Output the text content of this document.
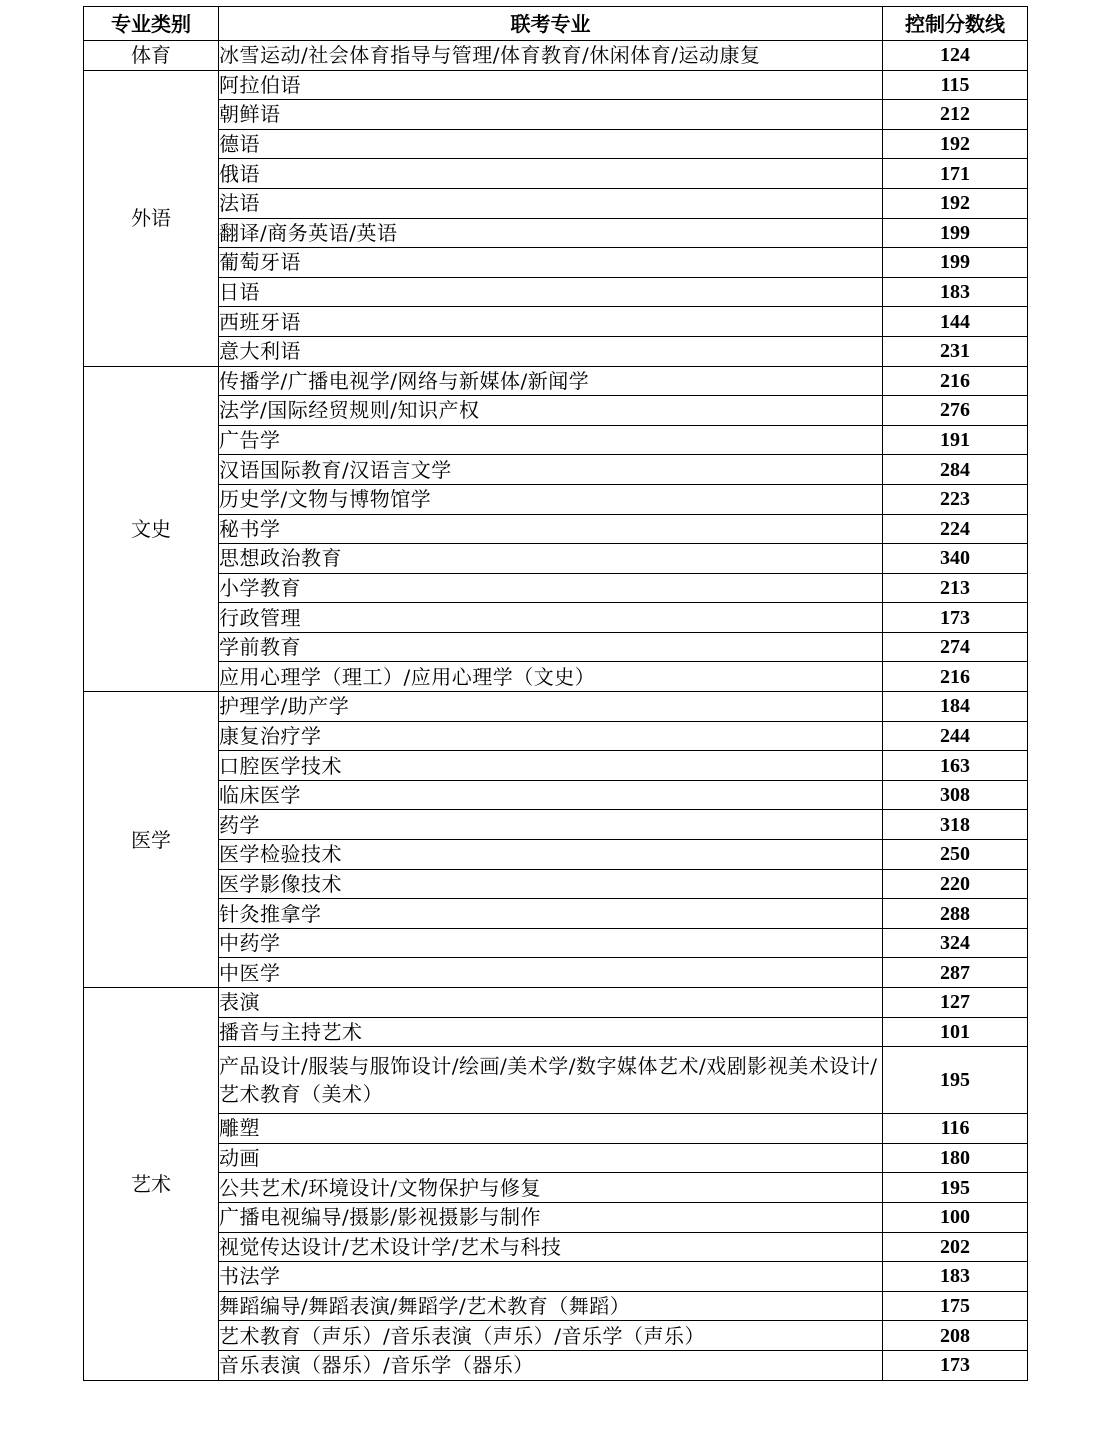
专业类别	联考专业	控制分数线
体育	冰雪运动/社会体育指导与管理/体育教育/休闲体育/运动康复	124
外语	阿拉伯语	115
	朝鲜语	212
	德语	192
	俄语	171
	法语	192
	翻译/商务英语/英语	199
	葡萄牙语	199
	日语	183
	西班牙语	144
	意大利语	231
文史	传播学/广播电视学/网络与新媒体/新闻学	216
	法学/国际经贸规则/知识产权	276
	广告学	191
	汉语国际教育/汉语言文学	284
	历史学/文物与博物馆学	223
	秘书学	224
	思想政治教育	340
	小学教育	213
	行政管理	173
	学前教育	274
	应用心理学（理工）/应用心理学（文史）	216
医学	护理学/助产学	184
	康复治疗学	244
	口腔医学技术	163
	临床医学	308
	药学	318
	医学检验技术	250
	医学影像技术	220
	针灸推拿学	288
	中药学	324
	中医学	287
艺术	表演	127
	播音与主持艺术	101
	产品设计/服装与服饰设计/绘画/美术学/数字媒体艺术/戏剧影视美术设计/艺术教育（美术）	195
	雕塑	116
	动画	180
	公共艺术/环境设计/文物保护与修复	195
	广播电视编导/摄影/影视摄影与制作	100
	视觉传达设计/艺术设计学/艺术与科技	202
	书法学	183
	舞蹈编导/舞蹈表演/舞蹈学/艺术教育（舞蹈）	175
	艺术教育（声乐）/音乐表演（声乐）/音乐学（声乐）	208
	音乐表演（器乐）/音乐学（器乐）	173
